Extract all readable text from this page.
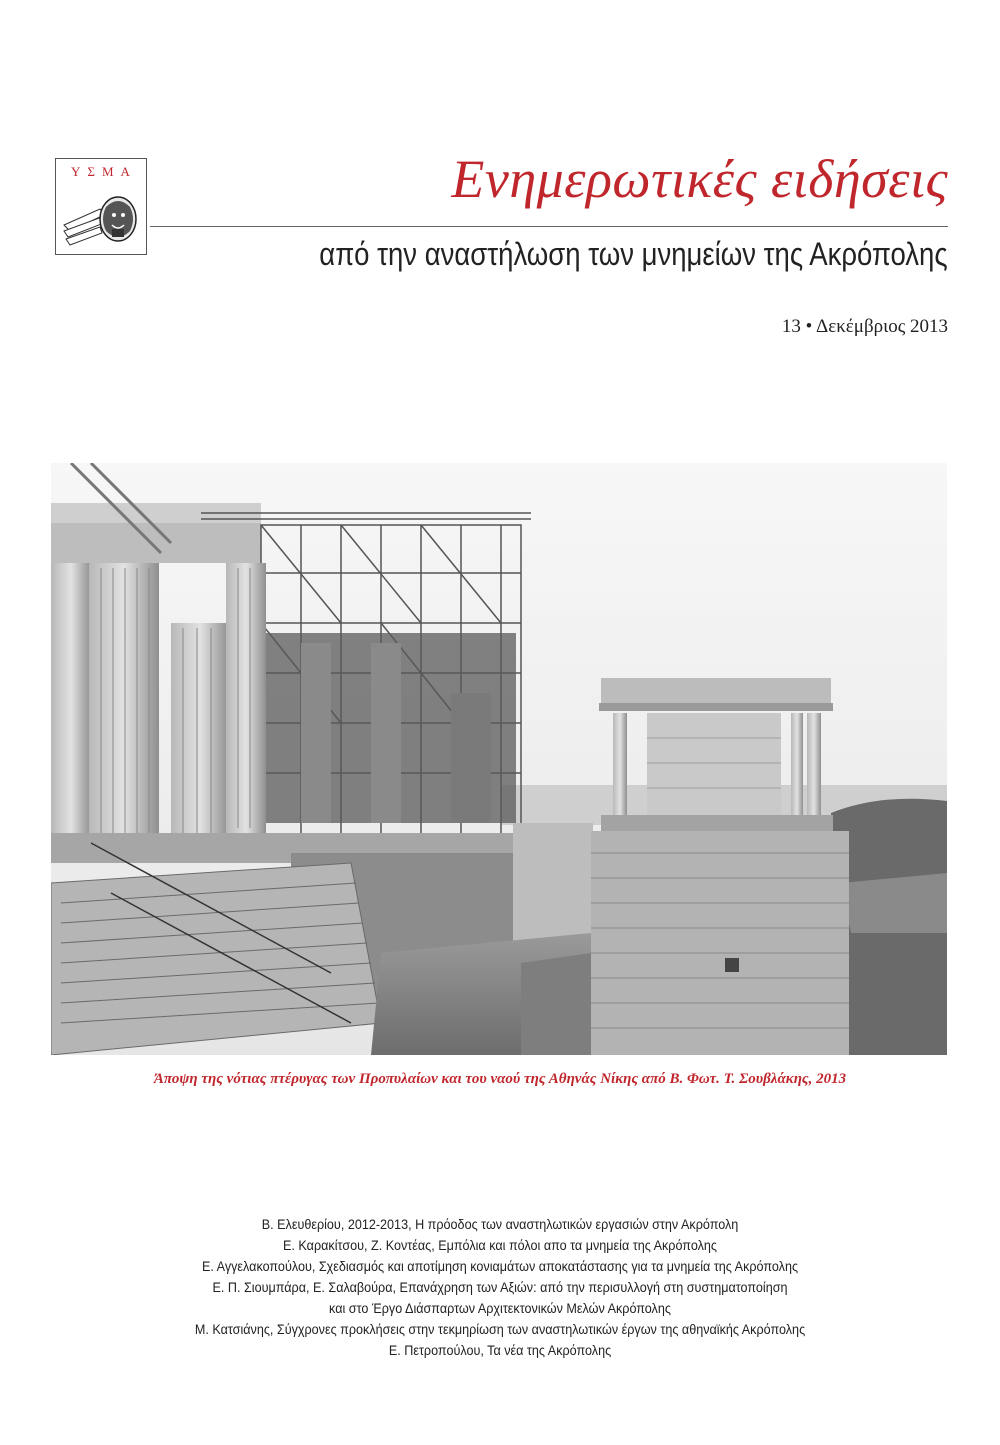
ΥΣΜΑ	Ενημερωτικές ειδήσεις
από την αναστήλωση των μνημείων της Ακρόπολης
13 • Δεκέμβριος 2013
Άποψη της νότιας πτέρυγας των Προπυλαίων και του ναού της Αθηνάς Νίκης από Β. Φωτ. Τ. Σουβλάκης, 2013
Β. Ελευθερίου, 2012-2013, Η πρόοδος των αναστηλωτικών εργασιών στην Ακρόπολη
Ε. Καρακίτσου, Ζ. Κοντέας, Εμπόλια και πόλοι απο τα μνημεία της Ακρόπολης
Ε. Αγγελακοπούλου, Σχεδιασμός και αποτίμηση κονιαμάτων αποκατάστασης για τα μνημεία της Ακρόπολης
Ε. Π. Σιουμπάρα, Ε. Σαλαβούρα, Επανάχρηση των Αξιών: από την περισυλλογή στη συστηματοποίηση
και στο Έργο Διάσπαρτων Αρχιτεκτονικών Μελών Ακρόπολης
Μ. Κατσιάνης, Σύγχρονες προκλήσεις στην τεκμηρίωση των αναστηλωτικών έργων της αθηναϊκής Ακρόπολης
Ε. Πετροπούλου, Τα νέα της Ακρόπολης
